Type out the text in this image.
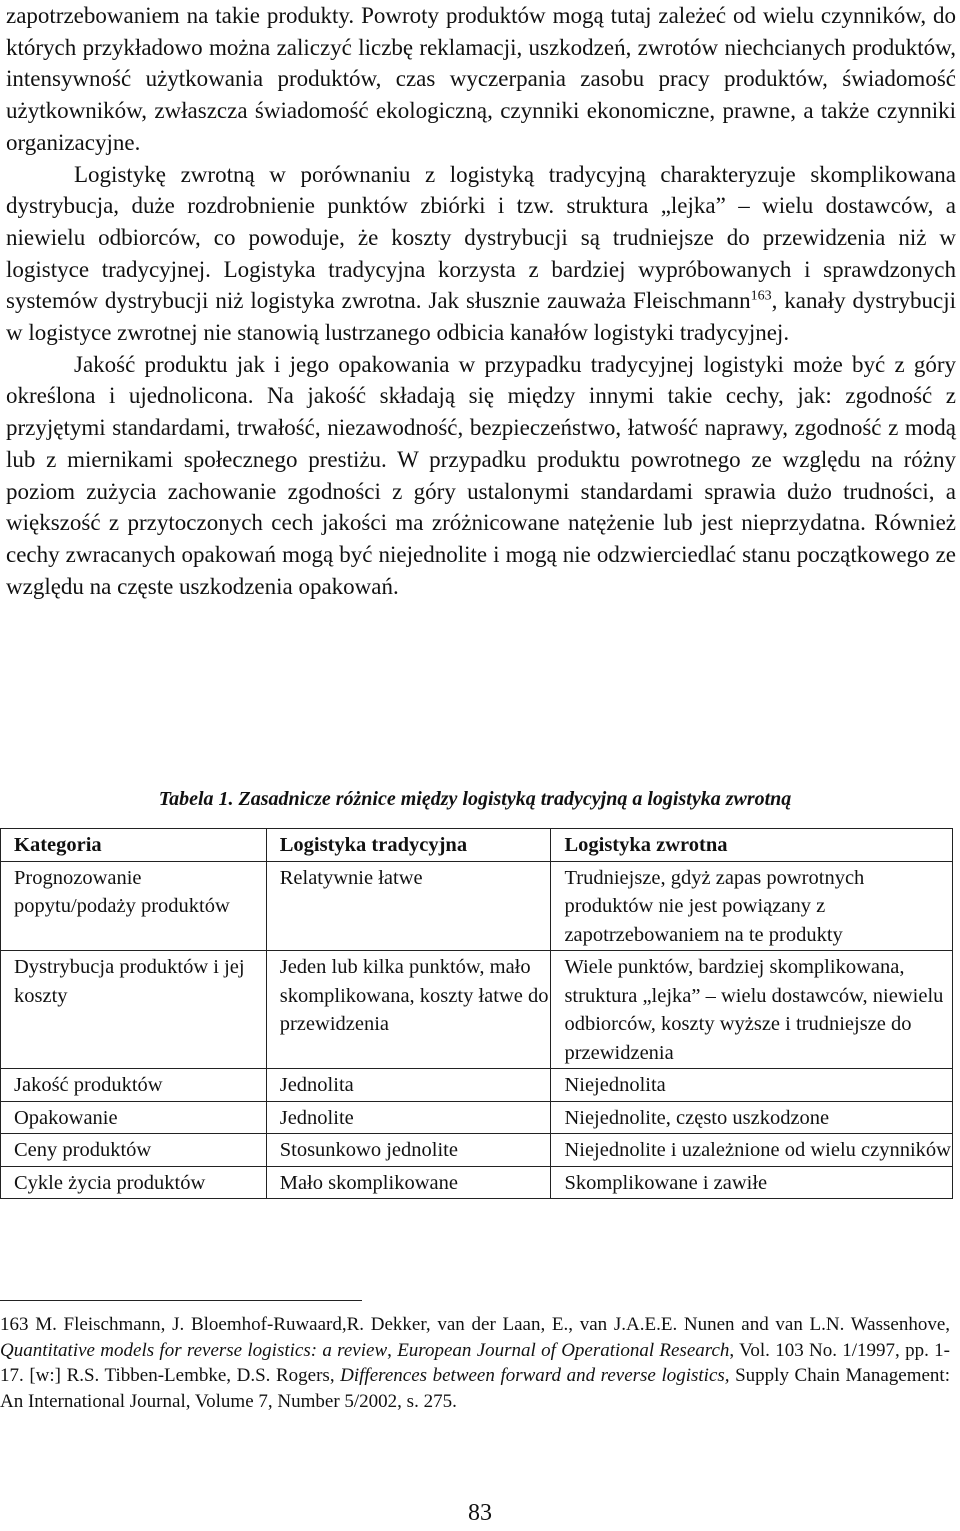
zapotrzebowaniem na takie produkty. Powroty produktów mogą tutaj zależeć od wielu czynników, do których przykładowo można zaliczyć liczbę reklamacji, uszkodzeń, zwrotów niechcianych produktów, intensywność użytkowania produktów, czas wyczerpania zasobu pracy produktów, świadomość użytkowników, zwłaszcza świadomość ekologiczną, czynniki ekonomiczne, prawne, a także czynniki organizacyjne.

Logistykę zwrotną w porównaniu z logistyką tradycyjną charakteryzuje skomplikowana dystrybucja, duże rozdrobnienie punktów zbiórki i tzw. struktura „lejka” – wielu dostawców, a niewielu odbiorców, co powoduje, że koszty dystrybucji są trudniejsze do przewidzenia niż w logistyce tradycyjnej. Logistyka tradycyjna korzysta z bardziej wypróbowanych i sprawdzonych systemów dystrybucji niż logistyka zwrotna. Jak słusznie zauważa Fleischmann$^{163}$, kanały dystrybucji w logistyce zwrotnej nie stanowią lustrzanego odbicia kanałów logistyki tradycyjnej.

Jakość produktu jak i jego opakowania w przypadku tradycyjnej logistyki może być z góry określona i ujednolicona. Na jakość składają się między innymi takie cechy, jak: zgodność z przyjętymi standardami, trwałość, niezawodność, bezpieczeństwo, łatwość naprawy, zgodność z modą lub z miernikami społecznego prestiżu. W przypadku produktu powrotnego ze względu na różny poziom zużycia zachowanie zgodności z góry ustalonymi standardami sprawia dużo trudności, a większość z przytoczonych cech jakości ma zróżnicowane natężenie lub jest nieprzydatna. Również cechy zwracanych opakowań mogą być niejednolite i mogą nie odzwierciedlać stanu początkowego ze względu na częste uszkodzenia opakowań.

Tabela 1. Zasadnicze różnice między logistyką tradycyjną a logistyka zwrotną
Kategoria	Logistyka tradycyjna	Logistyka zwrotna
Prognozowanie popytu/podaży produktów	Relatywnie łatwe	Trudniejsze, gdyż zapas powrotnych produktów nie jest powiązany z zapotrzebowaniem na te produkty
Dystrybucja produktów i jej koszty	Jeden lub kilka punktów, mało skomplikowana, koszty łatwe do przewidzenia	Wiele punktów, bardziej skomplikowana, struktura „lejka” – wielu dostawców, niewielu odbiorców, koszty wyższe i trudniejsze do przewidzenia
Jakość produktów	Jednolita	Niejednolita
Opakowanie	Jednolite	Niejednolite, często uszkodzone
Ceny produktów	Stosunkowo jednolite	Niejednolite i uzależnione od wielu czynników
Cykle życia produktów	Mało skomplikowane	Skomplikowane i zawiłe
163 M. Fleischmann, J. Bloemhof-Ruwaard,R. Dekker, van der Laan, E., van J.A.E.E. Nunen and van L.N. Wassenhove, Quantitative models for reverse logistics: a review, European Journal of Operational Research, Vol. 103 No. 1/1997, pp. 1-17. [w:] R.S. Tibben-Lembke, D.S. Rogers, Differences between forward and reverse logistics, Supply Chain Management: An International Journal, Volume 7, Number 5/2002, s. 275.
83
